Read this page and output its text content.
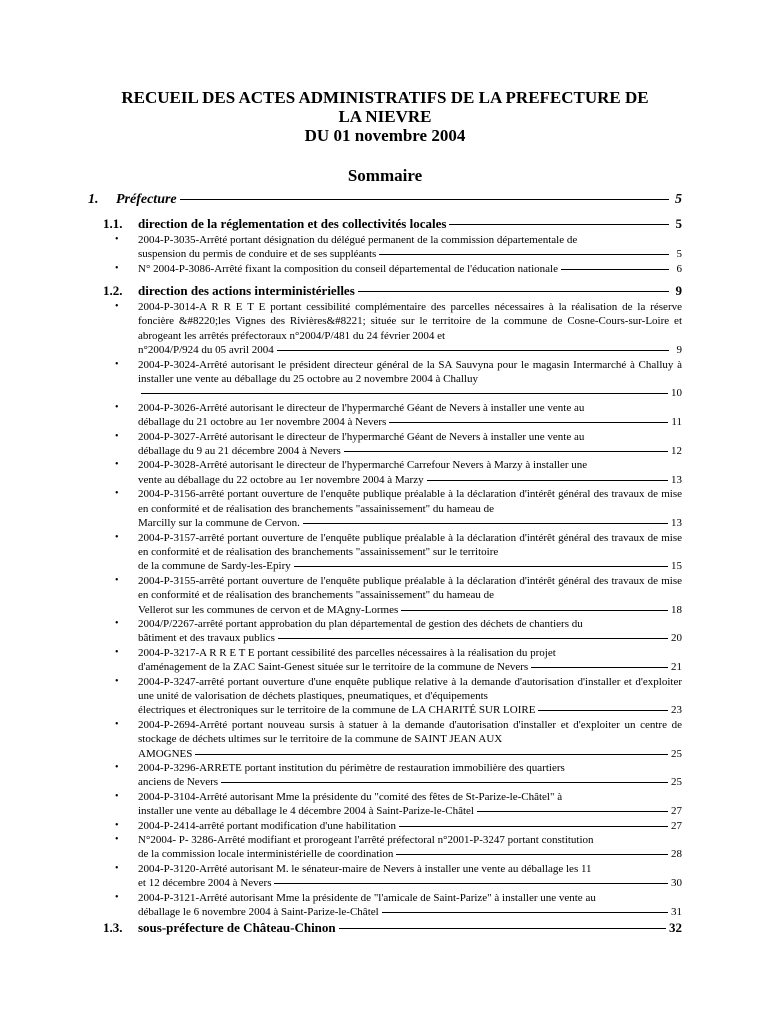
RECUEIL DES ACTES ADMINISTRATIFS DE LA PREFECTURE DE
LA NIEVRE
DU 01 novembre 2004
Sommaire
1.	Préfecture	5
1.1.	direction de la réglementation et des collectivités locales	5
• 2004-P-3035-Arrêté portant désignation du délégué permanent de la commission départementale de
suspension du permis de conduire et de ses suppléants	5
• N° 2004-P-3086-Arrêté fixant la composition du conseil départemental de l'éducation nationale	6
1.2.	direction des actions interministérielles	9
• 2004-P-3014-A R R E T E portant cessibilité complémentaire des parcelles nécessaires à la réalisation de la réserve foncière &#8220;les Vignes des Rivières&#8221; située sur le territoire de la commune de Cosne-Cours-sur-Loire et abrogeant les arrêtés préfectoraux n°2004/P/481 du 24 février 2004 et
n°2004/P/924 du 05 avril 2004	9
• 2004-P-3024-Arrêté autorisant le président directeur général de la SA Sauvyna pour le magasin Intermarché à Challuy à installer une vente au déballage du 25 octobre au 2 novembre 2004 à Challuy
10
• 2004-P-3026-Arrêté autorisant le directeur de l'hypermarché Géant de Nevers à installer une vente au
déballage du 21 octobre au 1er novembre 2004 à Nevers	11
• 2004-P-3027-Arrêté autorisant le directeur de l'hypermarché Géant de Nevers à installer une vente au
déballage du 9 au 21 décembre 2004 à Nevers	12
• 2004-P-3028-Arrêté autorisant le directeur de l'hypermarché Carrefour Nevers à Marzy à installer une
vente au déballage du 22 octobre au 1er novembre 2004 à Marzy	13
• 2004-P-3156-arrêté portant ouverture de l'enquête publique préalable à la déclaration d'intérêt général des travaux de mise en conformité et de réalisation des branchements "assainissement" du hameau de
Marcilly sur la commune de Cervon.	13
• 2004-P-3157-arrêté portant ouverture de l'enquête publique préalable à la déclaration d'intérêt général des travaux de mise en conformité et de réalisation des branchements "assainissement" sur le territoire
de la commune de Sardy-les-Epiry	15
• 2004-P-3155-arrêté portant ouverture de l'enquête publique préalable à la déclaration d'intérêt général des travaux de mise en conformité et de réalisation des branchements "assainissement" du hameau de
Vellerot sur les communes de cervon et de MAgny-Lormes	18
• 2004/P/2267-arrêté portant approbation du plan départemental de gestion des déchets de chantiers du
bâtiment et des travaux publics	20
• 2004-P-3217-A R R E T E portant cessibilité des parcelles nécessaires à la réalisation du projet
d'aménagement de la ZAC Saint-Genest située sur le territoire de la commune de Nevers	21
• 2004-P-3247-arrêté portant ouverture d'une enquête publique relative à la demande d'autorisation d'installer et d'exploiter une unité de valorisation de déchets plastiques, pneumatiques, et d'équipements
électriques et électroniques sur le territoire de la commune de LA CHARITÉ SUR LOIRE	23
• 2004-P-2694-Arrêté portant nouveau sursis à statuer à la demande d'autorisation d'installer et d'exploiter un centre de stockage de déchets ultimes sur le territoire de la commune de SAINT JEAN AUX
AMOGNES	25
• 2004-P-3296-ARRETE portant institution du périmètre de restauration immobilière des quartiers
anciens de Nevers	25
• 2004-P-3104-Arrêté autorisant Mme la présidente du "comité des fêtes de St-Parize-le-Châtel" à
installer une vente au déballage le 4 décembre 2004 à Saint-Parize-le-Châtel	27
• 2004-P-2414-arrêté portant modification d'une habilitation	27
• N°2004- P- 3286-Arrêté modifiant et prorogeant l'arrêté préfectoral n°2001-P-3247 portant constitution
de la commission locale interministérielle de coordination	28
• 2004-P-3120-Arrêté autorisant M. le sénateur-maire de Nevers à installer une vente au déballage les 11
et 12 décembre 2004 à Nevers	30
• 2004-P-3121-Arrêté autorisant Mme la présidente de "l'amicale de Saint-Parize" à installer une vente au
déballage le 6 novembre 2004 à Saint-Parize-le-Châtel	31
1.3.	sous-préfecture de Château-Chinon	32
